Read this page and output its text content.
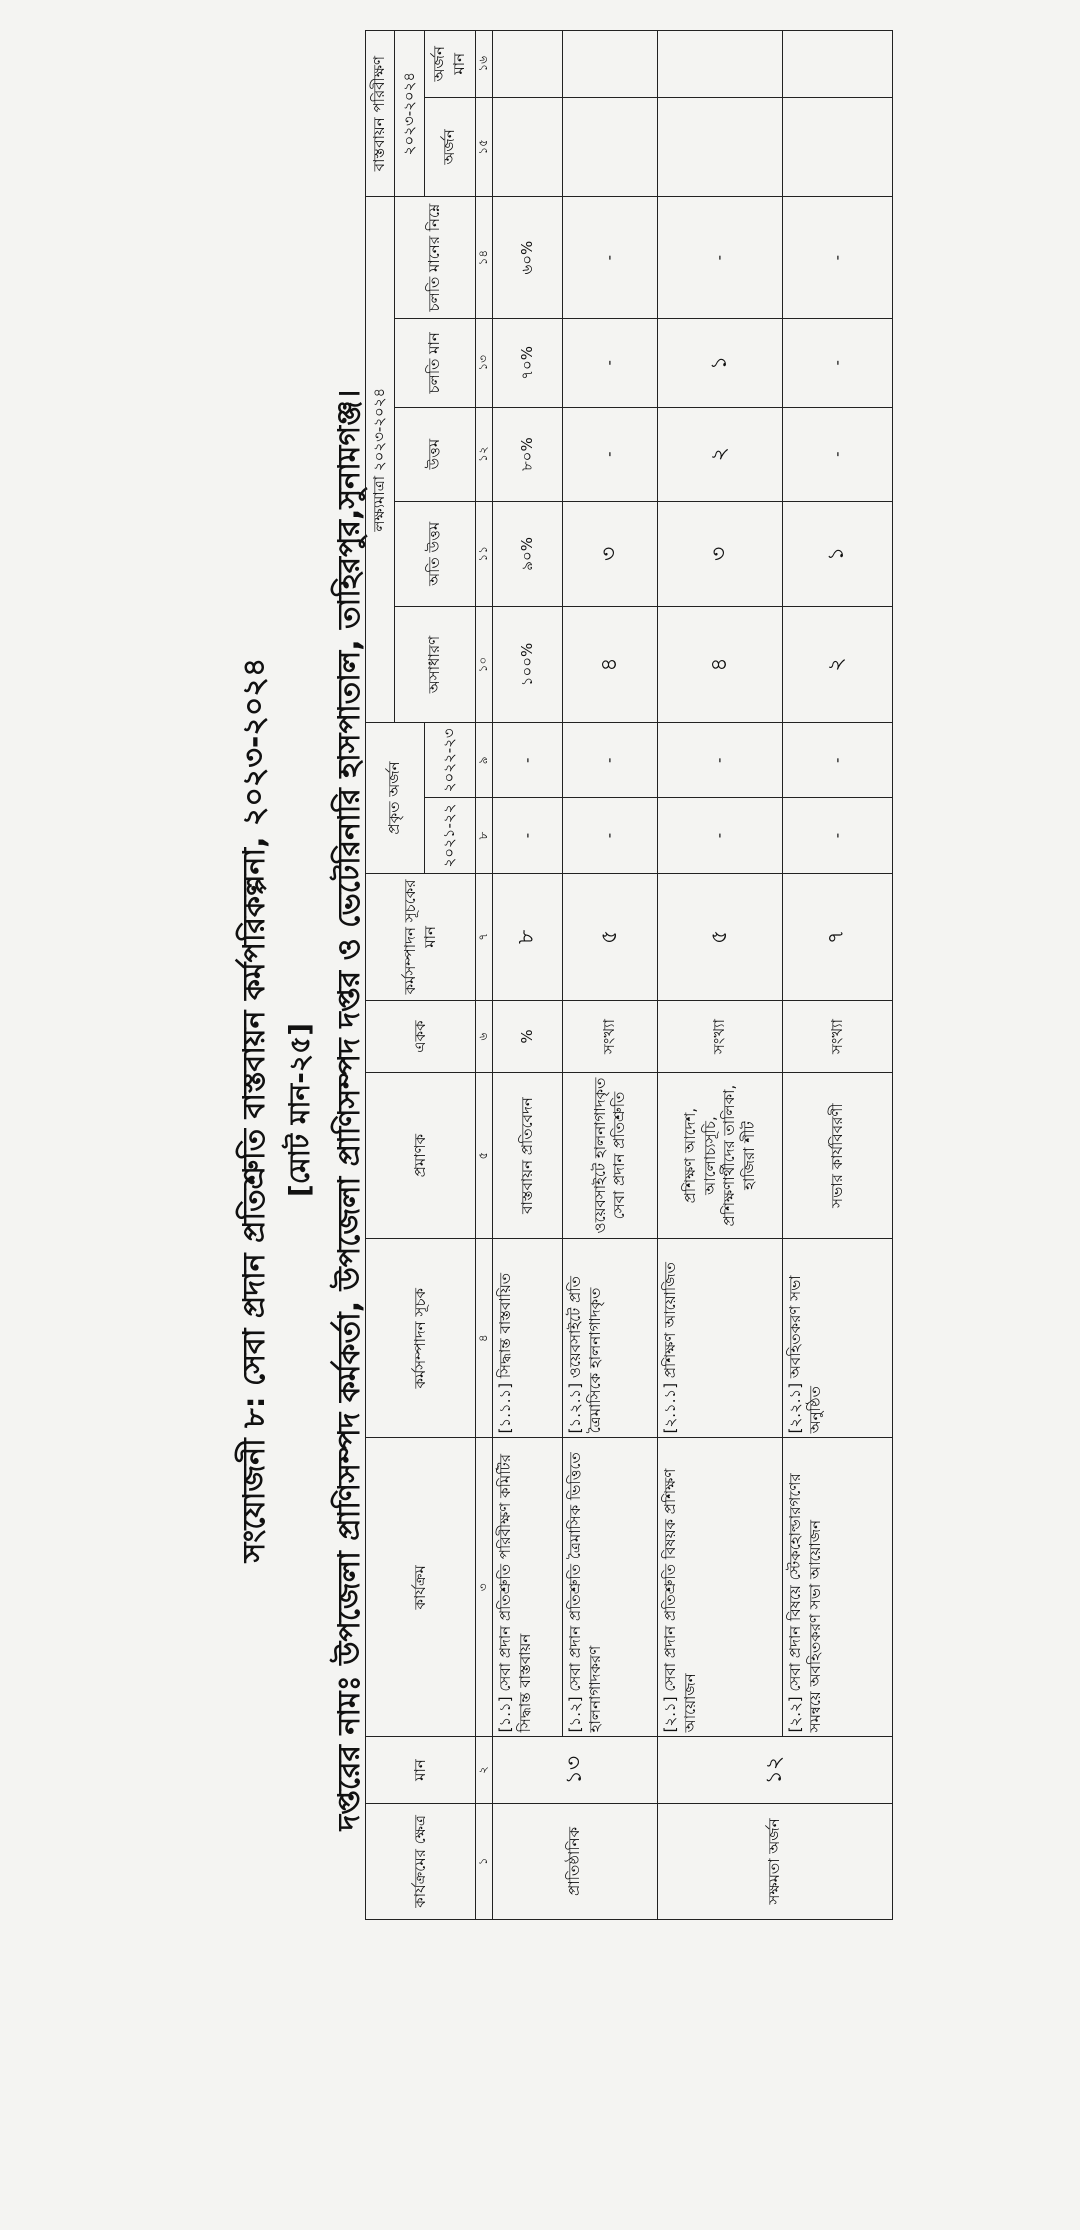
সংযোজনী ৮: সেবা প্রদান প্রতিশ্রুতি বাস্তবায়ন কর্মপরিকল্পনা, ২০২৩-২০২৪ [মোট মান-২৫] দপ্তরের নামঃ উপজেলা প্রাণিসম্পদ কর্মকর্তা, উপজেলা প্রাণিসম্পদ দপ্তর ও ভেটেরিনারি হাসপাতাল, তাহিরপুর,সুনামগঞ্জ।
কার্যক্রমের ক্ষেত্র	মান	কার্যক্রম	কর্মসম্পাদন সূচক	প্রমাণক	একক	কর্মসম্পাদন সূচকের মান	প্রকৃত অর্জন		লক্ষ্যমাত্রা ২০২৩-২০২৪					বাস্তবায়ন পরিবীক্ষণ	
									অসাধারণ	অতি উত্তম	উত্তম	চলতি মান	চলতি মানের নিম্নে	২০২৩-২০২৪	
							২০২১-২২	২০২২-২৩						অর্জন	অর্জন মান
১	২	৩	৪	৫	৬	৭	৮	৯	১০	১১	১২	১৩	১৪	১৫	১৬
প্রাতিষ্ঠানিক	১৩	[১.১] সেবা প্রদান প্রতিশ্রুতি পরিবীক্ষণ কমিটির সিদ্ধান্ত বাস্তবায়ন	[১.১.১] সিদ্ধান্ত বাস্তবায়িত	বাস্তবায়ন প্রতিবেদন	%	৮	-	-	১০০%	৯০%	৮০%	৭০%	৬০%		
		[১.২] সেবা প্রদান প্রতিশ্রুতি ত্রৈমাসিক ভিত্তিতে হালনাগাদকরণ	[১.২.১] ওয়েবসাইটে প্রতি ত্রৈমাসিকে হালনাগাদকৃত	ওয়েবসাইটে হালনাগাদকৃত সেবা প্রদান প্রতিশ্রুতি	সংখ্যা	৫	-	-	৪	৩	-	-	-		
সক্ষমতা অর্জন	১২	[২.১] সেবা প্রদান প্রতিশ্রুতি বিষয়ক প্রশিক্ষণ আয়োজন	[২.১.১] প্রশিক্ষণ আয়োজিত	প্রশিক্ষণ আদেশ, আলোচ্যসূচি, প্রশিক্ষণার্থীদের তালিকা, হাজিরা শীট	সংখ্যা	৫	-	-	৪	৩	২	১	-		
		[২.২] সেবা প্রদান বিষয়ে স্টেকহোল্ডারগণের সমন্বয়ে অবহিতকরণ সভা আয়োজন	[২.২.১] অবহিতকরণ সভা অনুষ্ঠিত	সভার কার্যবিবরণী	সংখ্যা	৭	-	-	২	১	-	-	-		
